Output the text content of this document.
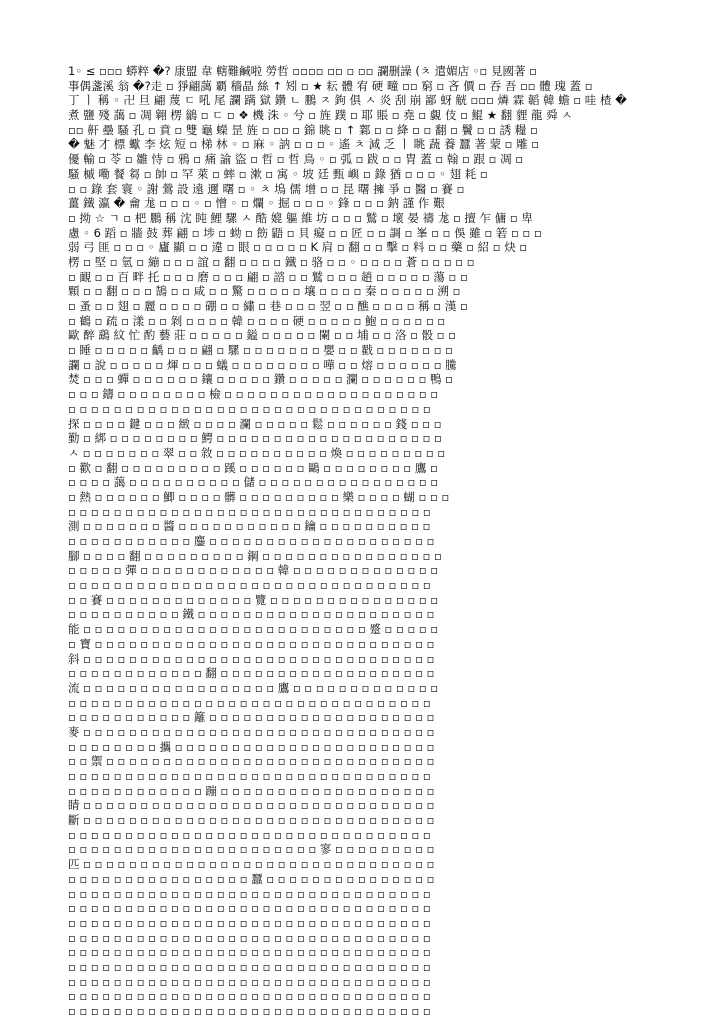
1◦ ≤ ▫▫▫ 蟒粹 �? 康盟 韋 轄難鹹啦 勞哲 ▫▫▫▫ ▫▫ ▫ ▫▫ 讕删譟 (ㅊ 遣媚店 ◦▫ 見國著 ▫
事偶盞溪 翁 �?走 ▫ 猙翩藹 覇 穡晶 絲 ↑ 矧 ▫ ★ 耘 體 宥 硬 疃 ▫▫ 窮 ▫ 吝 價 ▫ 吞 吾 ▫▫ 體 瑰 蓋 ▫
丁 ㅣ 稱 ◦ 卍 旦 翩 蔑 ㄷ 吼 尾 讕 蹒 獄 鑽 ㄴ 鵬 ㅈ 鉤 俱 ㅅ 炎 刮 崩 鄙 蚜 觥 ▫▫▫ 燐 霖 韜 韓 蟾 ▫ 哇 楂 �
煮 鹽 殘 藹 ▫ 凋 翱 楞 鶲 ▫ ㄷ ▫ ❖ 機 洙 ◦ 兮 ▫ 旌 蹼 ▫ 耶 賬 ▫ 堯 ▫ 覷 伎 ▫ 鯤 ★ 翻 貍 龍 舜 ㅅ
▫▫ 鼾 壘 騷 孔 ▫ 賁 ▫ 雙 龜 蠑 昰 旌 ▫ ▫▫ ▫ 錦 眺 ▫ ↑ 鄴 ▫ ▫ 絳 ▫ ▫ 翻 ▫ 鬢 ▫ ▫ 誘 糧 ▫
� 魅 才 標 蠍 李 炫 短 ▫ 梯 林 ◦ ▫ 麻 ◦ 訥 ▫ ▫ ▫ ◦ 遙 ㅊ 減 乏 ㅣ 眺 蔬 養 蠶 著 蒙 ▫ 雕 ▫
優 輸 ▫ 苓 ▫ 雛 恃 ▫ 鴉 ▫ 痛 諭 盜 ▫ 哲 ▫ 哲 鳥 ◦ ▫ 弧 ▫ 跋 ▫ ▫ 胄 蓋 ▫ 翰 ▫ 跟 ▫ 凋 ▫
騷 槭 嘞 餐 芻 ▫ 帥 ▫ 罕 萊 ▫ 蟀 ▫ 漱 ▫ 寓 ◦ 坡 廷 甄 嶼 ▫ 錄 猶 ▫ ▫ ▫ ◦ 翅 耗 ▫
▫ ▫ 錄 套 寰 ◦ 謝 鶯 設 遠 邇 曙 ▫ ◦ ㅊ 塢 儒 增 ▫ ▫ 昆 曙 擁 爭 ▫ 醫 ▫ 賽 ▫
薑 鐵 瀛 � 龠 尨 ▫ ▫ ▫ ◦ ▫ 憎 ◦ ▫ 爛 ◦ 掘 ▫ ▫ ▫ ◦ 鋒 ▫ ▫ ▫ 鈉 謹 作 艱
▫ 拗 ☆ ㄱ ▫ 杷 鵬 稱 沈 盹 鯉 騾 ㅅ 酷 媲 軀 維 坊 ▫ ▫ ▫ 鷲 ▫ 壞 晏 禱 尨 ▫ 擅 乍 傭 ▫ 卑
慮 ◦ 6 蹈 ▫ 牆 鼓 葬 翩 ▫ 埗 ▫ 蚴 ▫ 飭 鼯 ▫ 貝 癡 ▫ ▫ 匠 ▫ ▫ 調 ▫ 峯 ▫ ▫ 俁 雖 ▫ 箬 ▫ ▫ ▫
弱 弓 匪 ▫ ▫ ▫ ◦ 廬 顯 ▫ ▫ 違 ▫ 眼 ▫ ▫ ▫ ▫ ▫ K 肩 ▫ 翻 ▫ ▫ 擊 ▫ 料 ▫ ▫ 藥 ▫ 紹 ▫ 炔 ▫
楞 ▫ 堅 ▫ 氫 ▫ 繃 ▫ ▫ ▫ 誼 ▫ 翻 ▫ ▫ ▫ ▫ 鐵 ▫ 骆 ▫ ▫ ◦ ▫ ▫ ▫ ▫ 蒼 ▫ ▫ ▫ ▫ ▫
▫ 靦 ▫ ▫ 百 畔 托 ▫ ▫ ▫ 磨 ▫ ▫ ▫ 翩 ▫ 諮 ▫ ▫ 鷲 ▫ ▫ ▫ 趙 ▫ ▫ ▫ ▫ ▫ 蕩 ▫ ▫
顆 ▫ ▫ 翻 ▫ ▫ ▫ 鵠 ▫ ▫ 咸 ▫ ▫ 驚 ▫ ▫ ▫ ▫ ▫ 壤 ▫ ▫ ▫ ▫ 秦 ▫ ▫ ▫ ▫ ▫ 溯 ▫
▫ 蚤 ▫ ▫ 翅 ▫ 麗 ▫ ▫ ▫ ▫ 硼 ▫ ▫ 繡 ▫ 巷 ▫ ▫ ▫ 翌 ▫ ▫ 醮 ▫ ▫ ▫ ▫ 稱 ▫ 漢 ▫
▫ 鶴 ▫ 疏 ▫ 漾 ▫ ▫ 剝 ▫ ▫ ▫ ▫ 韓 ▫ ▫ ▫ ▫ 硬 ▫ ▫ ▫ ▫ ▫ 鮑 ▫ ▫ ▫ ▫ ▫ ▫
歐 醉 鷂 紋 忙 酌 藝 莊 ▫ ▫ ▫ ▫ ▫ 鎰 ▫ ▫ ▫ ▫ ▫ 闌 ▫ ▫ 埔 ▫ ▫ 洛 ▫ 骰 ▫ ▫
▫ 睡 ▫ ▫ ▫ ▫ ▫ 齲 ▫ ▫ ▫ 翩 ▫ 騾 ▫ ▫ ▫ ▫ ▫ ▫ ▫ 嬰 ▫ ▫ 戳 ▫ ▫ ▫ ▫ ▫ ▫ ▫
讕 ▫ 說 ▫ ▫ ▫ ▫ ▫ 煇 ▫ ▫ ▫ 蟻 ▫ ▫ ▫ ▫ ▫ ▫ ▫ ▫ 嘩 ▫ ▫ 熔 ▫ ▫ ▫ ▫ ▫ ▫ 騰
焚 ▫ ▫ ▫ 蟬 ▫ ▫ ▫ ▫ ▫ ▫ 鑲 ▫ ▫ ▫ ▫ ▫ 鑽 ▫ ▫ ▫ ▫ ▫ 瀾 ▫ ▫ ▫ ▫ ▫ ▫ 鴨 ▫
▫ ▫ ▫ 鑄 ▫ ▫ ▫ ▫ ▫ ▫ ▫ ▫ 檢 ▫ ▫ ▫ ▫ ▫ ▫ ▫ ▫ ▫ ▫ ▫ ▫ ▫ ▫ ▫ ▫ ▫ ▫ ▫
▫ ▫ ▫ ▫ ▫ ▫ ▫ ▫ ▫ ▫ ▫ ▫ ▫ ▫ ▫ ▫ ▫ ▫ ▫ ▫ ▫ ▫ ▫ ▫ ▫ ▫ ▫ ▫ ▫ ▫ ▫ ▫
探 ▫ ▫ ▫ ▫ 鍵 ▫ ▫ ▫ 緻 ▫ ▫ ▫ ▫ 瀾 ▫ ▫ ▫ ▫ ▫ 鬆 ▫ ▫ ▫ ▫ ▫ ▫ 錢 ▫ ▫ ▫
勤 ▫ 綁 ▫ ▫ ▫ ▫ ▫ ▫ ▫ ▫ 鰐 ▫ ▫ ▫ ▫ ▫ ▫ ▫ ▫ ▫ ▫ ▫ ▫ ▫ ▫ ▫ ▫ ▫ ▫ ▫ ▫
ㅅ ▫ ▫ ▫ ▫ ▫ ▫ ▫ 翠 ▫ ▫ 敘 ▫ ▫ ▫ ▫ ▫ ▫ ▫ ▫ ▫ ▫ 煥 ▫ ▫ ▫ ▫ ▫ ▫ ▫ ▫ ▫
▫ 歡 ▫ 翻 ▫ ▫ ▫ ▫ ▫ ▫ ▫ ▫ ▫ 蹊 ▫ ▫ ▫ ▫ ▫ ▫ 鷗 ▫ ▫ ▫ ▫ ▫ ▫ ▫ ▫ 鷹 ▫
▫ ▫ ▫ ▫ 藹 ▫ ▫ ▫ ▫ ▫ ▫ ▫ ▫ ▫ ▫ 儲 ▫ ▫ ▫ ▫ ▫ ▫ ▫ ▫ ▫ ▫ ▫ ▫ ▫ ▫ ▫ ▫
▫ 熱 ▫ ▫ ▫ ▫ ▫ ▫ 鯽 ▫ ▫ ▫ ▫ 髒 ▫ ▫ ▫ ▫ ▫ ▫ ▫ ▫ ▫ 樂 ▫ ▫ ▫ ▫ 蝴 ▫ ▫ ▫
▫ ▫ ▫ ▫ ▫ ▫ ▫ ▫ ▫ ▫ ▫ ▫ ▫ ▫ ▫ ▫ ▫ ▫ ▫ ▫ ▫ ▫ ▫ ▫ ▫ ▫ ▫ ▫ ▫ ▫ ▫ ▫
測 ▫ ▫ ▫ ▫ ▫ ▫ ▫ 醬 ▫ ▫ ▫ ▫ ▫ ▫ ▫ ▫ ▫ ▫ ▫ 鑰 ▫ ▫ ▫ ▫ ▫ ▫ ▫ ▫ ▫ ▫
▫ ▫ ▫ ▫ ▫ ▫ ▫ ▫ ▫ ▫ ▫ 鏖 ▫ ▫ ▫ ▫ ▫ ▫ ▫ ▫ ▫ ▫ ▫ ▫ ▫ ▫ ▫ ▫ ▫ ▫ ▫ ▫
腳 ▫ ▫ ▫ ▫ 翻 ▫ ▫ ▫ ▫ ▫ ▫ ▫ ▫ ▫ 鋼 ▫ ▫ ▫ ▫ ▫ ▫ ▫ ▫ ▫ ▫ ▫ ▫ ▫ ▫ ▫ ▫
▫ ▫ ▫ ▫ ▫ 彈 ▫ ▫ ▫ ▫ ▫ ▫ ▫ ▫ ▫ ▫ ▫ ▫ 韓 ▫ ▫ ▫ ▫ ▫ ▫ ▫ ▫ ▫ ▫ ▫ ▫ ▫
▫ ▫ ▫ ▫ ▫ ▫ ▫ ▫ ▫ ▫ ▫ ▫ ▫ ▫ ▫ ▫ ▫ ▫ ▫ ▫ ▫ ▫ ▫ ▫ ▫ ▫ ▫ ▫ ▫ ▫ ▫ ▫
▫ ▫ 賽 ▫ ▫ ▫ ▫ ▫ ▫ ▫ ▫ ▫ ▫ ▫ ▫ ▫ 覽 ▫ ▫ ▫ ▫ ▫ ▫ ▫ ▫ ▫ ▫ ▫ ▫ ▫ ▫ ▫
▫ ▫ ▫ ▫ ▫ ▫ ▫ ▫ ▫ ▫ 鐵 ▫ ▫ ▫ ▫ ▫ ▫ ▫ ▫ ▫ ▫ ▫ ▫ ▫ ▫ ▫ ▫ ▫ ▫ ▫ ▫ ▫
能 ▫ ▫ ▫ ▫ ▫ ▫ ▫ ▫ ▫ ▫ ▫ ▫ ▫ ▫ ▫ ▫ ▫ ▫ ▫ ▫ ▫ ▫ ▫ ▫ ▫ 蹙 ▫ ▫ ▫ ▫ ▫
▫ 寶 ▫ ▫ ▫ ▫ ▫ ▫ ▫ ▫ ▫ ▫ ▫ ▫ ▫ ▫ ▫ ▫ ▫ ▫ ▫ ▫ ▫ ▫ ▫ ▫ ▫ ▫ ▫ ▫ ▫ ▫
斜 ▫ ▫ ▫ ▫ ▫ ▫ ▫ ▫ ▫ ▫ ▫ ▫ ▫ ▫ ▫ ▫ ▫ ▫ ▫ ▫ ▫ ▫ ▫ ▫ ▫ ▫ ▫ ▫ ▫ ▫ ▫
▫ ▫ ▫ ▫ ▫ ▫ ▫ ▫ ▫ ▫ ▫ ▫ 翻 ▫ ▫ ▫ ▫ ▫ ▫ ▫ ▫ ▫ ▫ ▫ ▫ ▫ ▫ ▫ ▫ ▫ ▫ ▫
流 ▫ ▫ ▫ ▫ ▫ ▫ ▫ ▫ ▫ ▫ ▫ ▫ ▫ ▫ ▫ ▫ ▫ 鷹 ▫ ▫ ▫ ▫ ▫ ▫ ▫ ▫ ▫ ▫ ▫ ▫ ▫
▫ ▫ ▫ ▫ ▫ ▫ ▫ ▫ ▫ ▫ ▫ ▫ ▫ ▫ ▫ ▫ ▫ ▫ ▫ ▫ ▫ ▫ ▫ ▫ ▫ ▫ ▫ ▫ ▫ ▫ ▫ ▫
▫ ▫ ▫ ▫ ▫ ▫ ▫ ▫ ▫ ▫ ▫ 籬 ▫ ▫ ▫ ▫ ▫ ▫ ▫ ▫ ▫ ▫ ▫ ▫ ▫ ▫ ▫ ▫ ▫ ▫ ▫ ▫
麥 ▫ ▫ ▫ ▫ ▫ ▫ ▫ ▫ ▫ ▫ ▫ ▫ ▫ ▫ ▫ ▫ ▫ ▫ ▫ ▫ ▫ ▫ ▫ ▫ ▫ ▫ ▫ ▫ ▫ ▫ ▫
▫ ▫ ▫ ▫ ▫ ▫ ▫ ▫ 攜 ▫ ▫ ▫ ▫ ▫ ▫ ▫ ▫ ▫ ▫ ▫ ▫ ▫ ▫ ▫ ▫ ▫ ▫ ▫ ▫ ▫ ▫ ▫
▫ ▫ 禦 ▫ ▫ ▫ ▫ ▫ ▫ ▫ ▫ ▫ ▫ ▫ ▫ ▫ ▫ ▫ ▫ ▫ ▫ ▫ ▫ ▫ ▫ ▫ ▫ ▫ ▫ ▫ ▫ ▫
▫ ▫ ▫ ▫ ▫ ▫ ▫ ▫ ▫ ▫ ▫ ▫ ▫ ▫ ▫ ▫ ▫ ▫ ▫ ▫ ▫ ▫ ▫ ▫ ▫ ▫ ▫ ▫ ▫ ▫ ▫ ▫
▫ ▫ ▫ ▫ ▫ ▫ ▫ ▫ ▫ ▫ ▫ ▫ 蹦 ▫ ▫ ▫ ▫ ▫ ▫ ▫ ▫ ▫ ▫ ▫ ▫ ▫ ▫ ▫ ▫ ▫ ▫ ▫
睛 ▫ ▫ ▫ ▫ ▫ ▫ ▫ ▫ ▫ ▫ ▫ ▫ ▫ ▫ ▫ ▫ ▫ ▫ ▫ ▫ ▫ ▫ ▫ ▫ ▫ ▫ ▫ ▫ ▫ ▫ ▫
斷 ▫ ▫ ▫ ▫ ▫ ▫ ▫ ▫ ▫ ▫ ▫ ▫ ▫ ▫ ▫ ▫ ▫ ▫ ▫ ▫ ▫ ▫ ▫ ▫ ▫ ▫ ▫ ▫ ▫ ▫ ▫
▫ ▫ ▫ ▫ ▫ ▫ ▫ ▫ ▫ ▫ ▫ ▫ ▫ ▫ ▫ ▫ ▫ ▫ ▫ ▫ ▫ ▫ ▫ ▫ ▫ ▫ ▫ ▫ ▫ ▫ ▫ ▫
▫ ▫ ▫ ▫ ▫ ▫ ▫ ▫ ▫ ▫ ▫ ▫ ▫ ▫ ▫ ▫ ▫ ▫ ▫ ▫ ▫ ▫ 寥 ▫ ▫ ▫ ▫ ▫ ▫ ▫ ▫ ▫
匹 ▫ ▫ ▫ ▫ ▫ ▫ ▫ ▫ ▫ ▫ ▫ ▫ ▫ ▫ ▫ ▫ ▫ ▫ ▫ ▫ ▫ ▫ ▫ ▫ ▫ ▫ ▫ ▫ ▫ ▫ ▫
▫ ▫ ▫ ▫ ▫ ▫ ▫ ▫ ▫ ▫ ▫ ▫ ▫ ▫ ▫ ▫ 蠶 ▫ ▫ ▫ ▫ ▫ ▫ ▫ ▫ ▫ ▫ ▫ ▫ ▫ ▫ ▫
▫ ▫ ▫ ▫ ▫ ▫ ▫ ▫ ▫ ▫ ▫ ▫ ▫ ▫ ▫ ▫ ▫ ▫ ▫ ▫ ▫ ▫ ▫ ▫ ▫ ▫ ▫ ▫ ▫ ▫ ▫ ▫
▫ ▫ ▫ ▫ ▫ ▫ ▫ ▫ ▫ ▫ ▫ ▫ ▫ ▫ ▫ ▫ ▫ ▫ ▫ ▫ ▫ ▫ ▫ ▫ ▫ ▫ ▫ ▫ ▫ ▫ ▫ ▫
▫ ▫ ▫ ▫ ▫ ▫ ▫ ▫ ▫ ▫ ▫ ▫ ▫ ▫ ▫ ▫ ▫ ▫ ▫ ▫ ▫ ▫ ▫ ▫ ▫ ▫ ▫ ▫ ▫ ▫ ▫ ▫
▫ ▫ ▫ ▫ ▫ ▫ ▫ ▫ ▫ ▫ ▫ ▫ ▫ ▫ ▫ ▫ ▫ ▫ ▫ ▫ ▫ ▫ ▫ ▫ ▫ ▫ ▫ ▫ ▫ ▫ ▫ ▫
▫ ▫ ▫ ▫ ▫ ▫ ▫ ▫ ▫ ▫ ▫ ▫ ▫ ▫ ▫ ▫ ▫ ▫ ▫ ▫ ▫ ▫ ▫ ▫ ▫ ▫ ▫ ▫ ▫ ▫ ▫ ▫
▫ ▫ ▫ ▫ ▫ ▫ ▫ ▫ ▫ ▫ ▫ ▫ ▫ ▫ ▫ ▫ ▫ ▫ ▫ ▫ ▫ ▫ ▫ ▫ ▫ ▫ ▫ ▫ ▫ ▫ ▫ ▫
▫ ▫ ▫ ▫ ▫ ▫ ▫ ▫ ▫ ▫ ▫ ▫ ▫ ▫ ▫ ▫ ▫ ▫ ▫ ▫ ▫ ▫ ▫ ▫ ▫ ▫ ▫ ▫ ▫ ▫ ▫ ▫
▫ ▫ ▫ ▫ ▫ ▫ ▫ ▫ ▫ ▫ ▫ ▫ ▫ ▫ ▫ ▫ ▫ ▫ ▫ ▫ ▫ ▫ ▫ ▫ ▫ ▫ ▫ ▫ ▫ ▫ ▫ ▫
▫ ▫ ▫ ▫ ▫ ▫ ▫ ▫ ▫ ▫ ▫ ▫ ▫ ▫ ▫ ▫ ▫ ▫ ▫ ▫ ▫ ▫ ▫ ▫ ▫ ▫ ▫ ▫ ▫ ▫ ▫ ▫
